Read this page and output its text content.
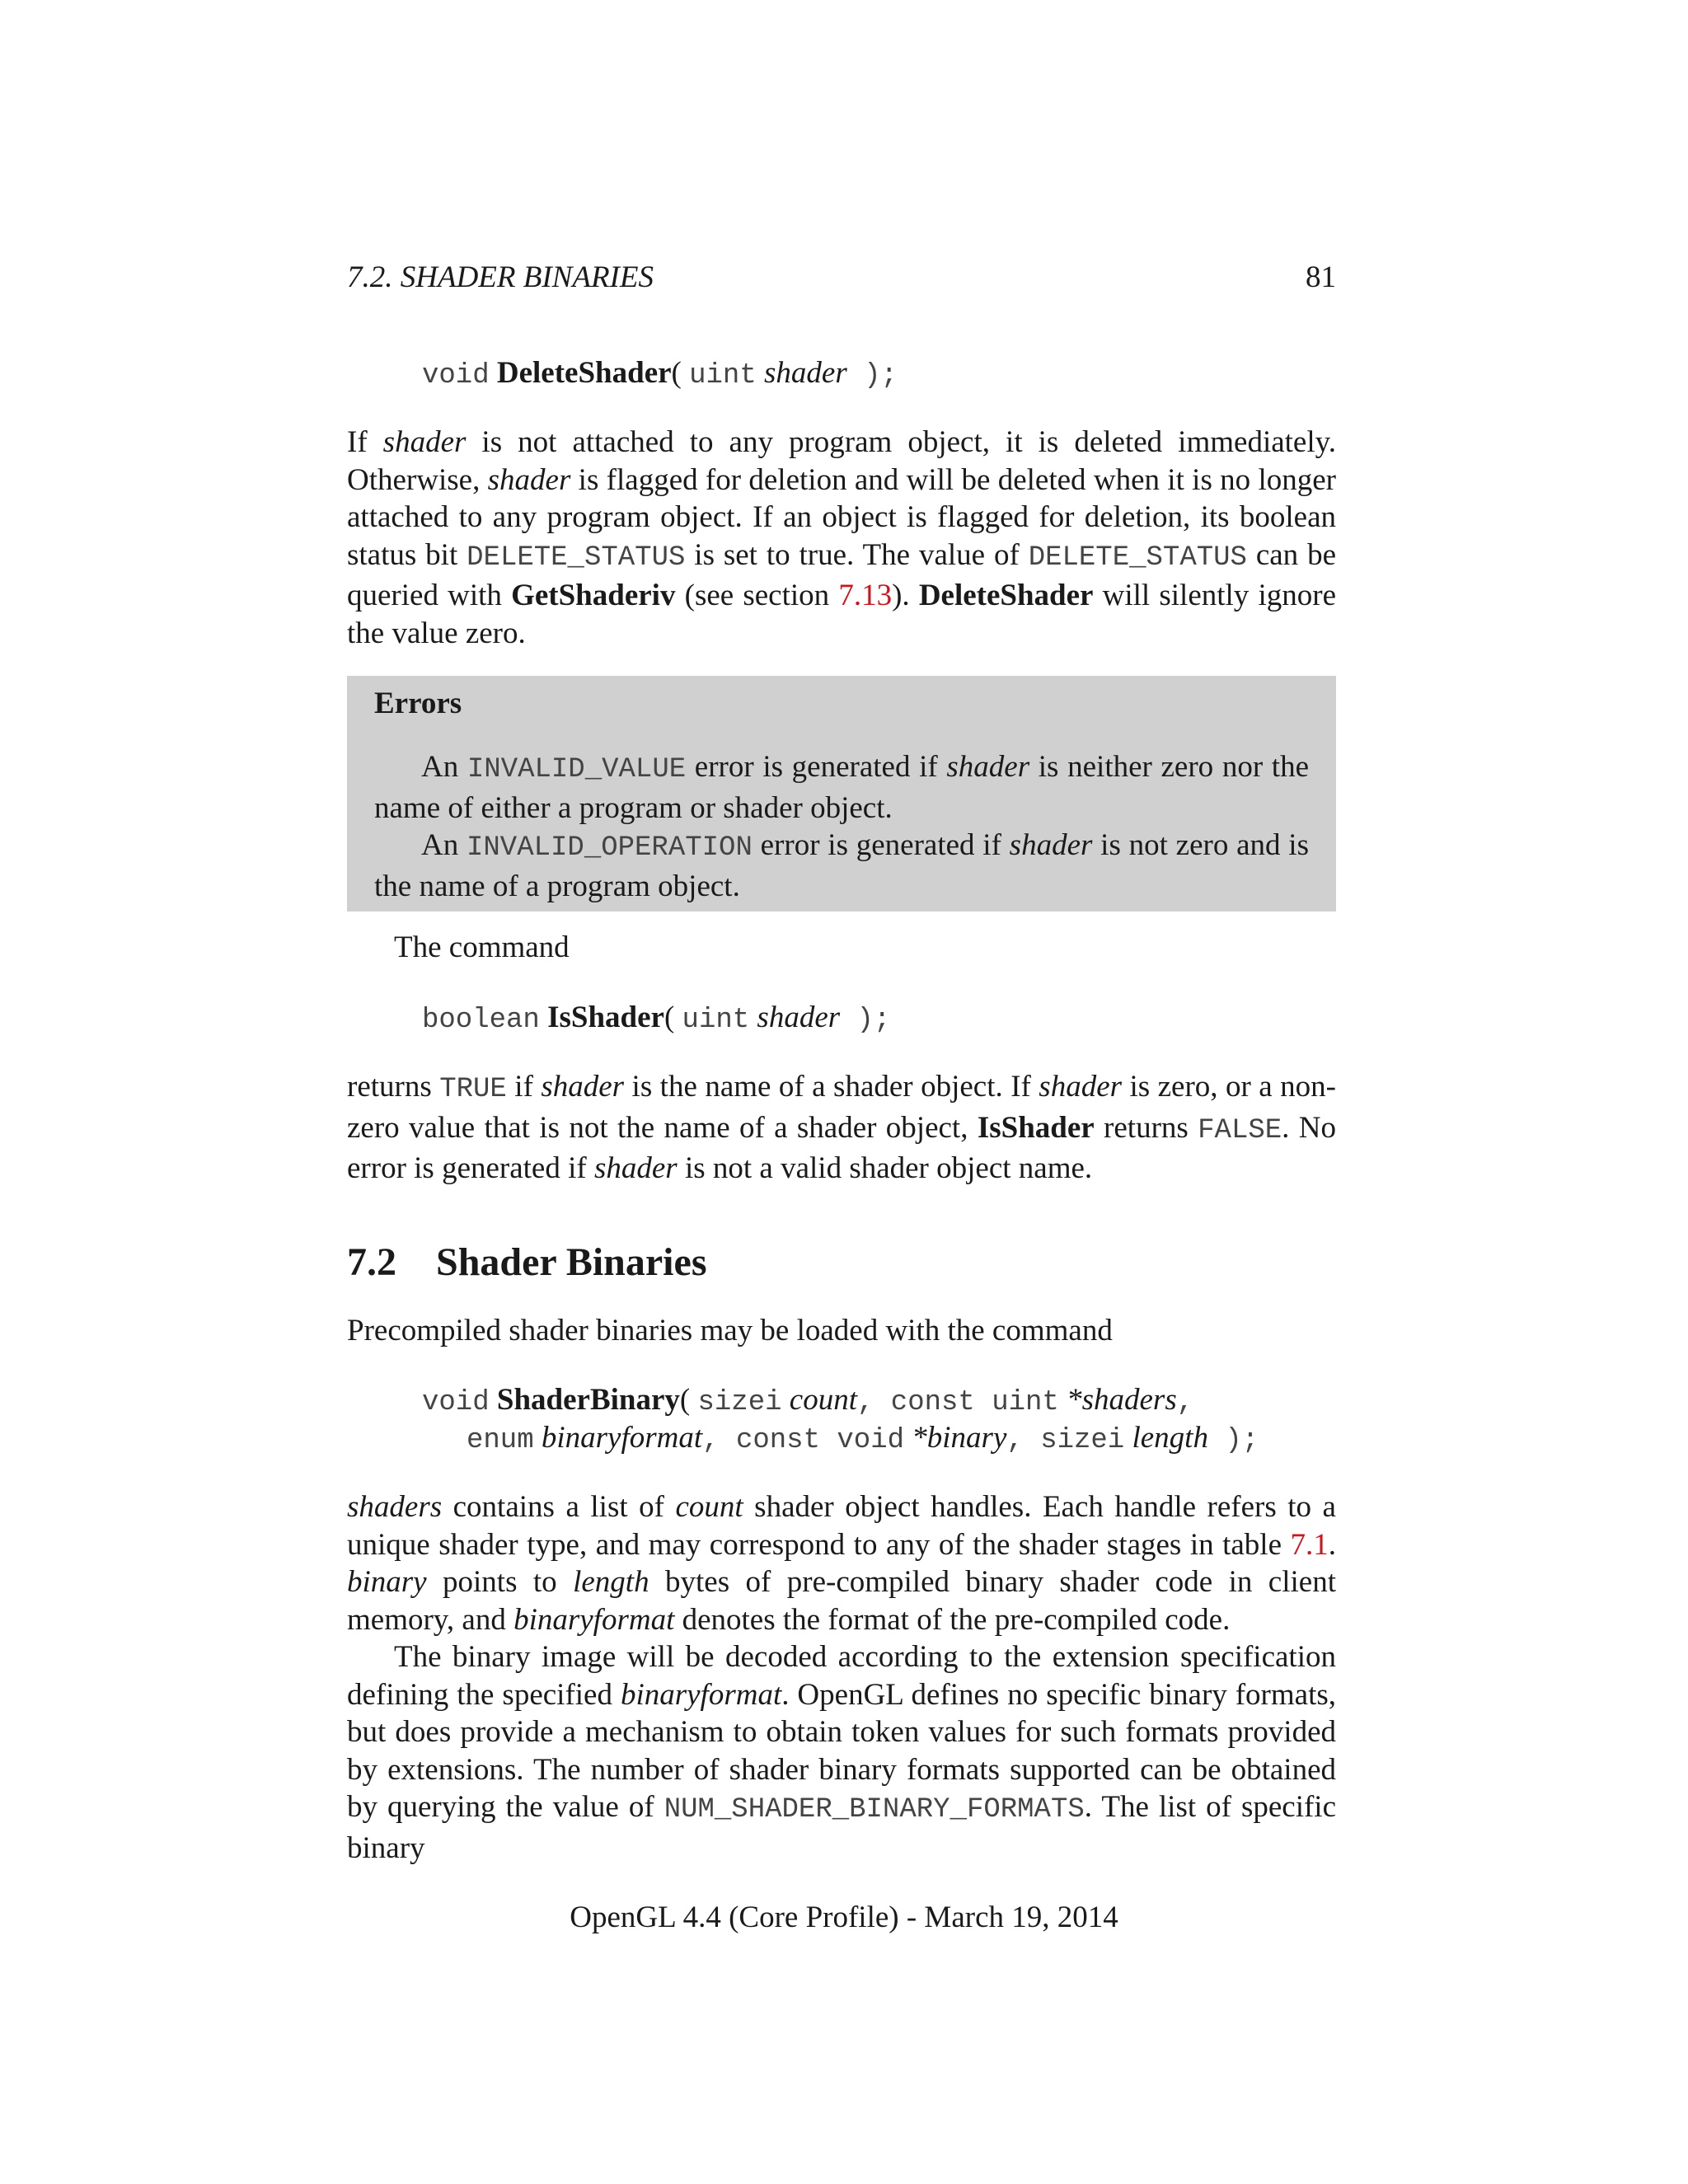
7.2. SHADER BINARIES	81
void DeleteShader( uint shader );

If shader is not attached to any program object, it is deleted immediately. Otherwise, shader is flagged for deletion and will be deleted when it is no longer attached to any program object. If an object is flagged for deletion, its boolean status bit DELETE_STATUS is set to true. The value of DELETE_STATUS can be queried with GetShaderiv (see section 7.13). DeleteShader will silently ignore the value zero.

Errors

An INVALID_VALUE error is generated if shader is neither zero nor the name of either a program or shader object.

An INVALID_OPERATION error is generated if shader is not zero and is the name of a program object.

The command
boolean IsShader( uint shader );

returns TRUE if shader is the name of a shader object. If shader is zero, or a non-zero value that is not the name of a shader object, IsShader returns FALSE. No error is generated if shader is not a valid shader object name.

7.2 Shader Binaries
Precompiled shader binaries may be loaded with the command
void ShaderBinary( sizei count, const uint *shaders,
enum binaryformat, const void *binary, sizei length );

shaders contains a list of count shader object handles. Each handle refers to a unique shader type, and may correspond to any of the shader stages in table 7.1. binary points to length bytes of pre-compiled binary shader code in client memory, and binaryformat denotes the format of the pre-compiled code.

The binary image will be decoded according to the extension specification defining the specified binaryformat. OpenGL defines no specific binary formats, but does provide a mechanism to obtain token values for such formats provided by extensions. The number of shader binary formats supported can be obtained by querying the value of NUM_SHADER_BINARY_FORMATS. The list of specific binary

OpenGL 4.4 (Core Profile) - March 19, 2014
